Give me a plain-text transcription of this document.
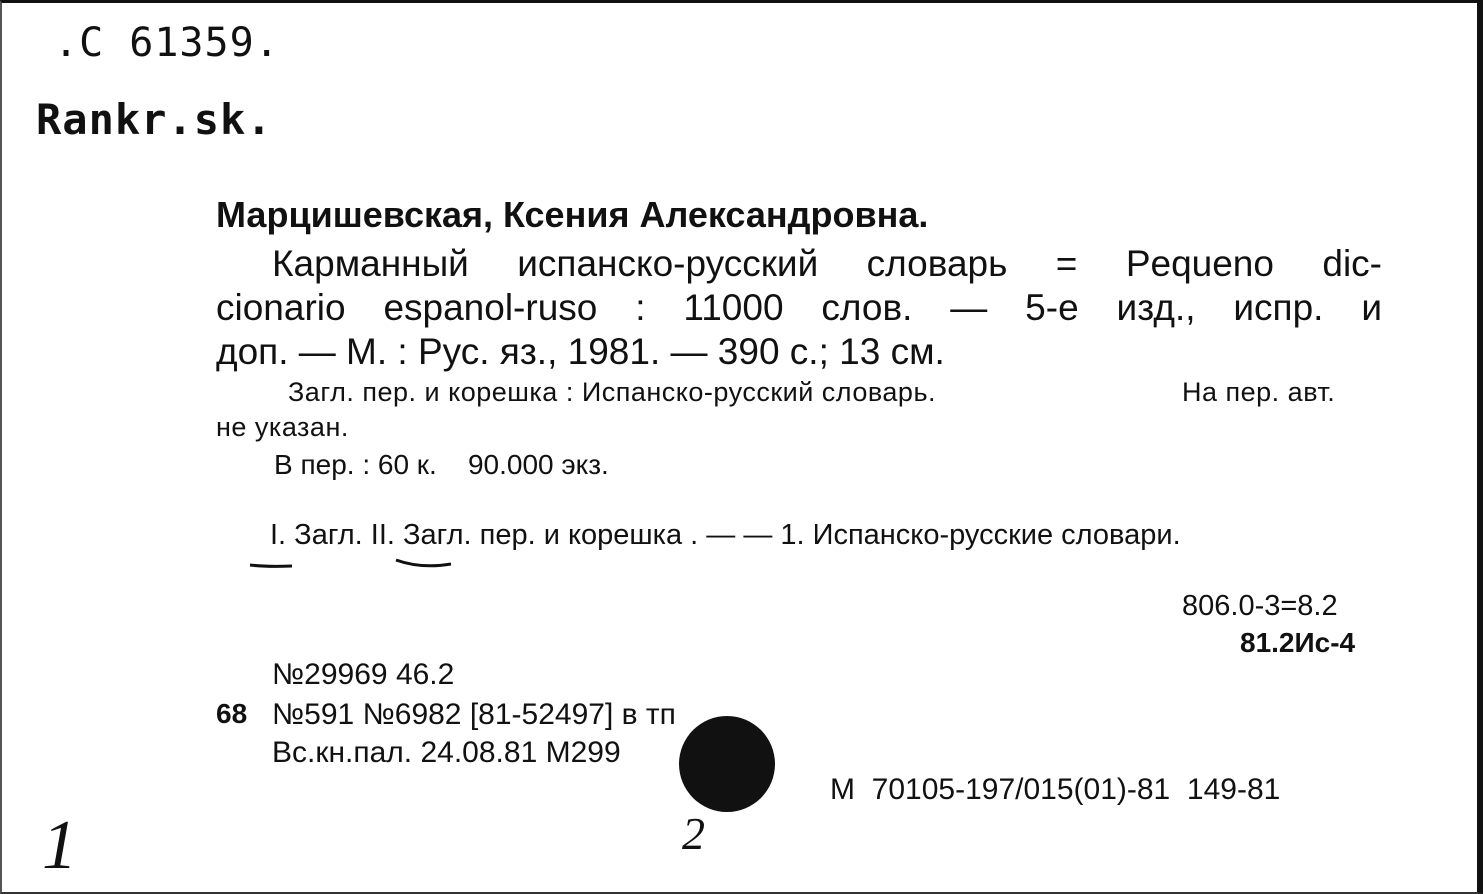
.C 61359.
Rankr.sk.
Марцишевская, Ксения Александровна.
Карманный испанско-русский словарь = Pequeno dic-
cionario espanol-ruso : 11000 слов. — 5-е изд., испр. и
доп. — М. : Рус. яз., 1981. — 390 с.; 13 см.
Загл. пер. и корешка : Испанско-русский словарь.	На пер. авт.
не указан.
В пер. : 60 к.    90.000 экз.
I. Загл. II. Загл. пер. и корешка . — — 1. Испанско-русские словари.
806.0-3=8.2
81.2Ис-4
№29969 46.2
68 №591 №6982 [81-52497] в тп
Вс.кн.пал. 24.08.81 М299
М  70105-197/015(01)-81  149-81
1	2
